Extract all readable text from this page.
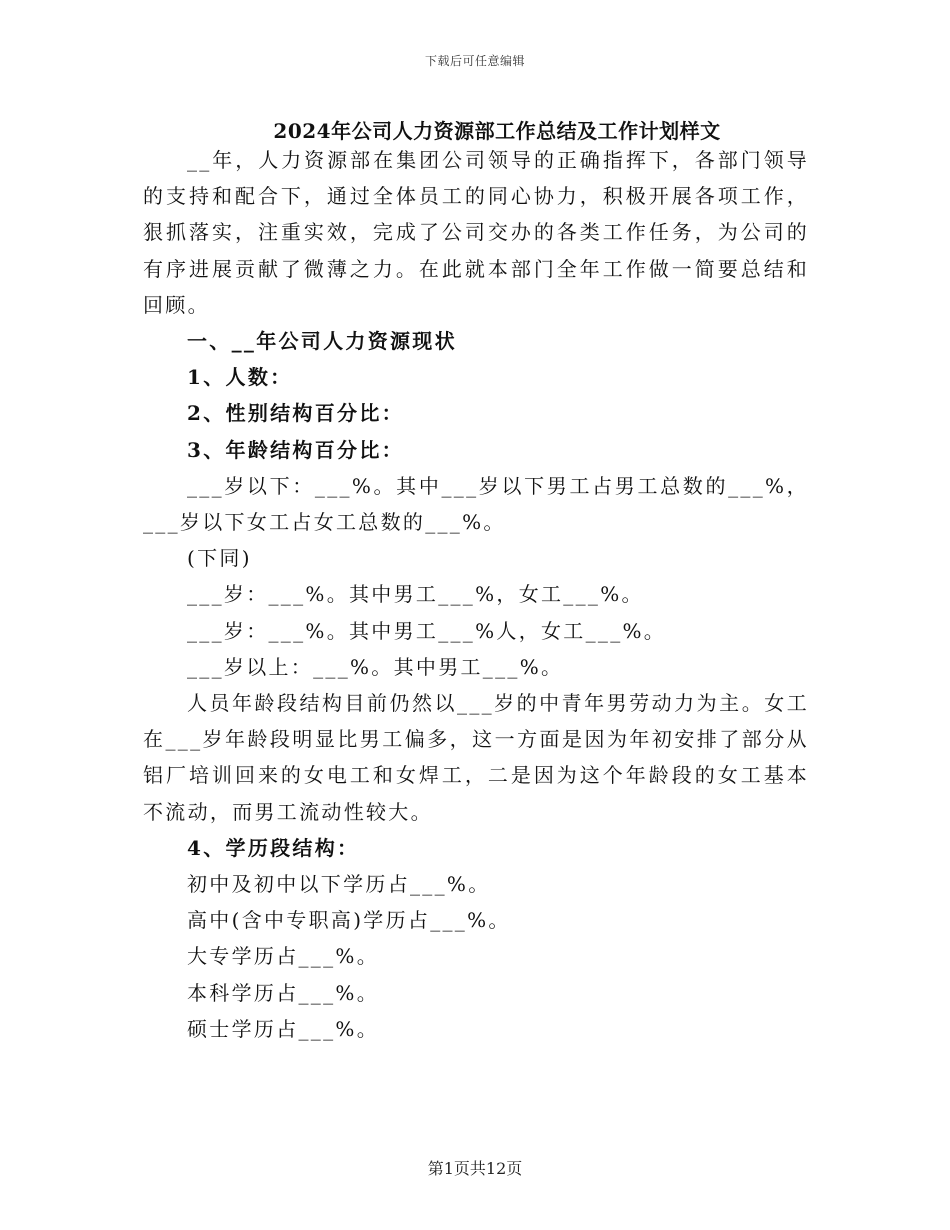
下载后可任意编辑
2024年公司人力资源部工作总结及工作计划样文

__年，人力资源部在集团公司领导的正确指挥下，各部门领导的支持和配合下，通过全体员工的同心协力，积极开展各项工作，狠抓落实，注重实效，完成了公司交办的各类工作任务，为公司的有序进展贡献了微薄之力。在此就本部门全年工作做一简要总结和回顾。

一、__年公司人力资源现状

1、人数：

2、性别结构百分比：

3、年龄结构百分比：

___岁以下：___%。其中___岁以下男工占男工总数的___%，___岁以下女工占女工总数的___%。

(下同)

___岁：___%。其中男工___%，女工___%。

___岁：___%。其中男工___%人，女工___%。

___岁以上：___%。其中男工___%。

人员年龄段结构目前仍然以___岁的中青年男劳动力为主。女工在___岁年龄段明显比男工偏多，这一方面是因为年初安排了部分从铝厂培训回来的女电工和女焊工，二是因为这个年龄段的女工基本不流动，而男工流动性较大。

4、学历段结构：

初中及初中以下学历占___%。

高中(含中专职高)学历占___%。

大专学历占___%。

本科学历占___%。

硕士学历占___%。

第1页共12页
